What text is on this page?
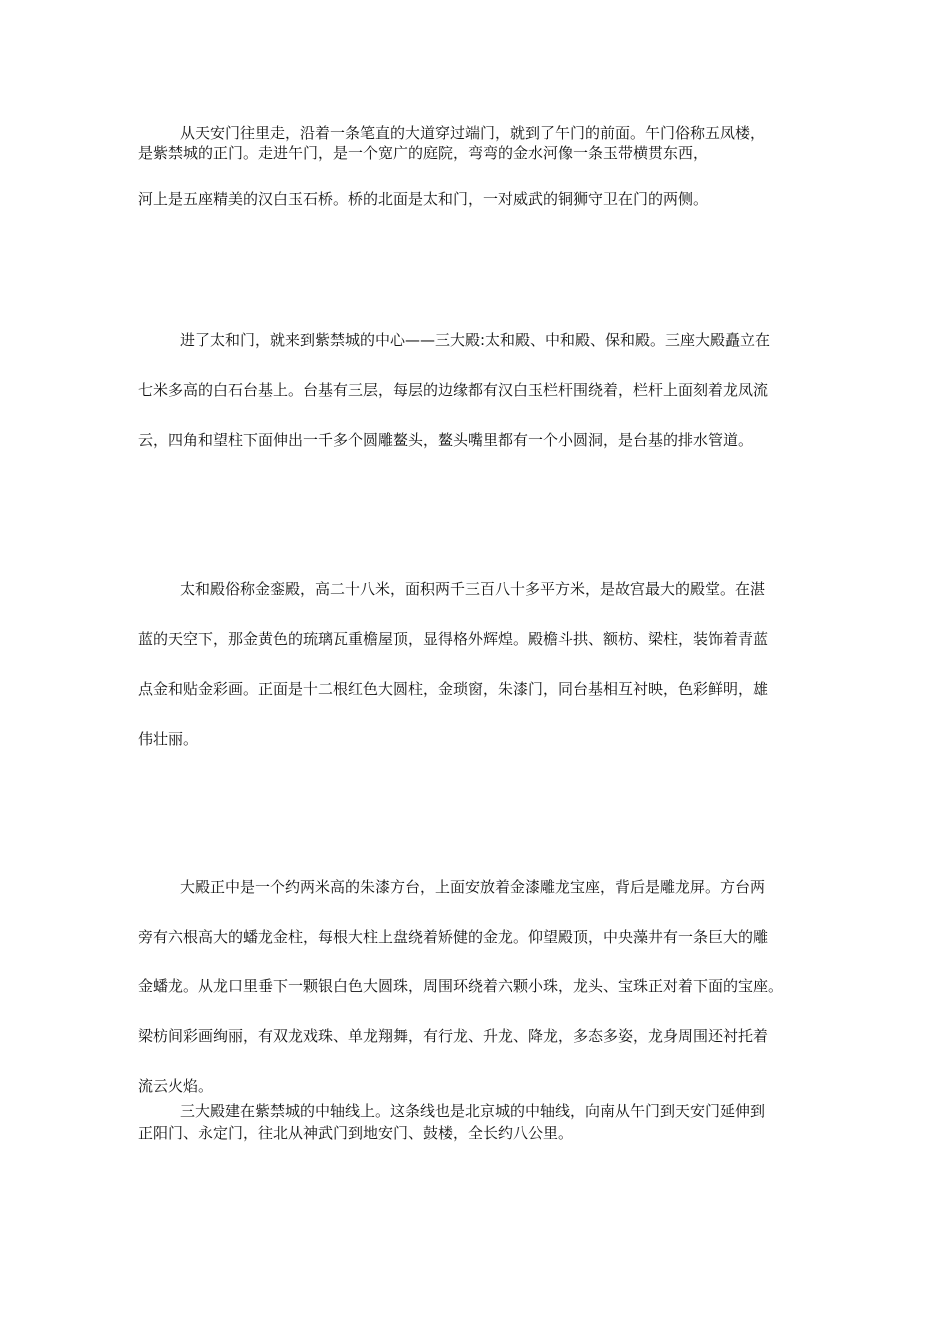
从天安门往里走，沿着一条笔直的大道穿过端门，就到了午门的前面。午门俗称五凤楼，
是紫禁城的正门。走进午门，是一个宽广的庭院，弯弯的金水河像一条玉带横贯东西，
河上是五座精美的汉白玉石桥。桥的北面是太和门，一对威武的铜狮守卫在门的两侧。
进了太和门，就来到紫禁城的中心——三大殿:太和殿、中和殿、保和殿。三座大殿矗立在
七米多高的白石台基上。台基有三层，每层的边缘都有汉白玉栏杆围绕着，栏杆上面刻着龙凤流
云，四角和望柱下面伸出一千多个圆雕鳌头，鳌头嘴里都有一个小圆洞，是台基的排水管道。
太和殿俗称金銮殿，高二十八米，面积两千三百八十多平方米，是故宫最大的殿堂。在湛
蓝的天空下，那金黄色的琉璃瓦重檐屋顶，显得格外辉煌。殿檐斗拱、额枋、梁柱，装饰着青蓝
点金和贴金彩画。正面是十二根红色大圆柱，金琐窗，朱漆门，同台基相互衬映，色彩鲜明，雄
伟壮丽。
大殿正中是一个约两米高的朱漆方台，上面安放着金漆雕龙宝座，背后是雕龙屏。方台两
旁有六根高大的蟠龙金柱，每根大柱上盘绕着矫健的金龙。仰望殿顶，中央藻井有一条巨大的雕
金蟠龙。从龙口里垂下一颗银白色大圆珠，周围环绕着六颗小珠，龙头、宝珠正对着下面的宝座。
梁枋间彩画绚丽，有双龙戏珠、单龙翔舞，有行龙、升龙、降龙，多态多姿，龙身周围还衬托着
流云火焰。
三大殿建在紫禁城的中轴线上。这条线也是北京城的中轴线，向南从午门到天安门延伸到
正阳门、永定门，往北从神武门到地安门、鼓楼，全长约八公里。
